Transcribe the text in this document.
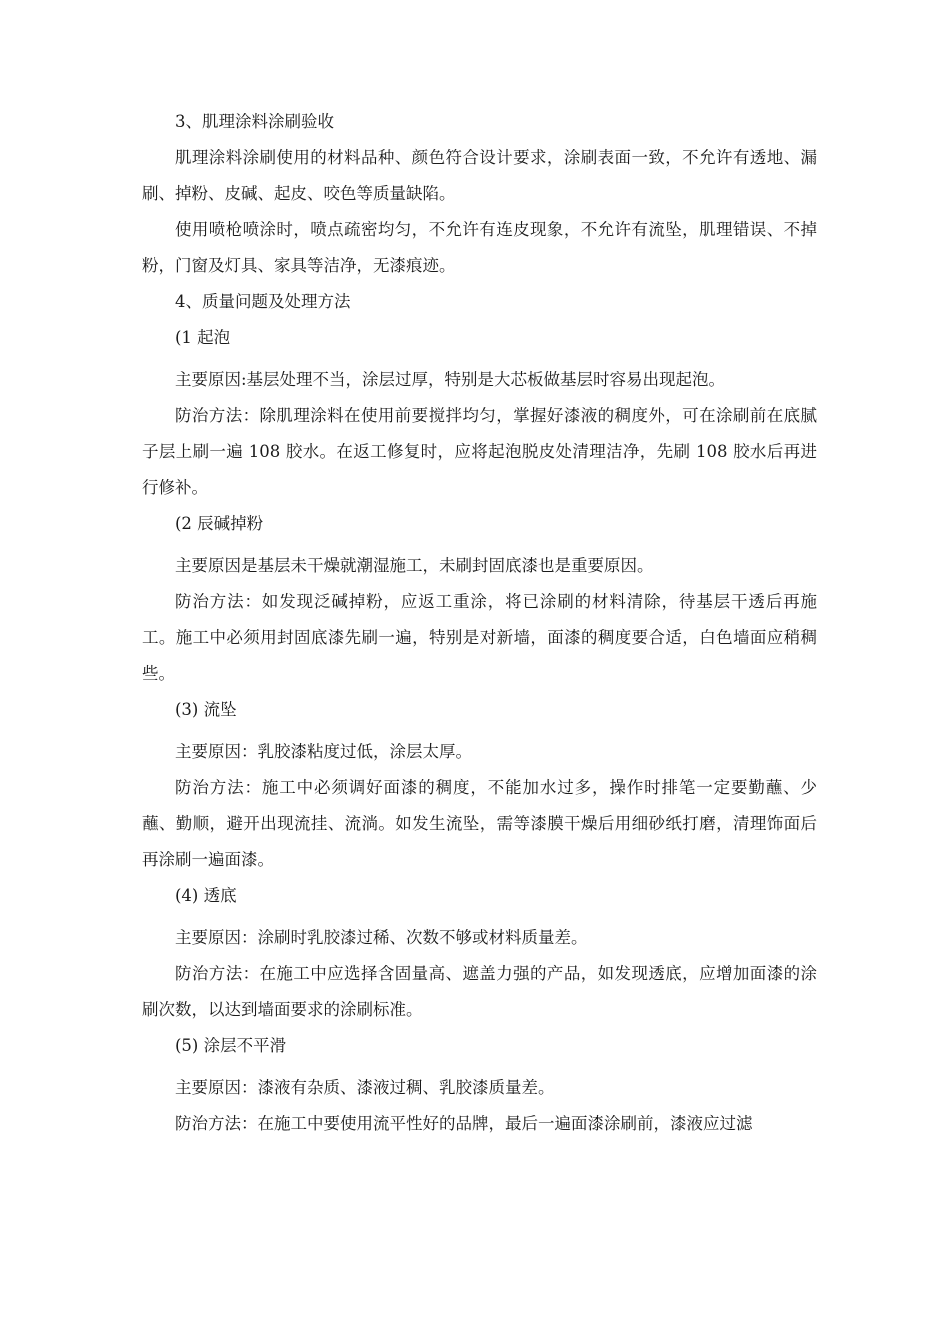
3、肌理涂料涂刷验收

肌理涂料涂刷使用的材料品种、颜色符合设计要求，涂刷表面一致，不允许有透地、漏刷、掉粉、皮碱、起皮、咬色等质量缺陷。

使用喷枪喷涂时，喷点疏密均匀，不允许有连皮现象，不允许有流坠，肌理错误、不掉粉，门窗及灯具、家具等洁净，无漆痕迹。

4、质量问题及处理方法

(1 起泡

主要原因:基层处理不当，涂层过厚，特别是大芯板做基层时容易出现起泡。

防治方法：除肌理涂料在使用前要搅拌均匀，掌握好漆液的稠度外，可在涂刷前在底腻子层上刷一遍 108 胶水。在返工修复时，应将起泡脱皮处清理洁净，先刷 108 胶水后再进行修补。

(2 辰碱掉粉

主要原因是基层未干燥就潮湿施工，未刷封固底漆也是重要原因。

防治方法：如发现泛碱掉粉，应返工重涂，将已涂刷的材料清除，待基层干透后再施工。施工中必须用封固底漆先刷一遍，特别是对新墙，面漆的稠度要合适，白色墙面应稍稠些。

(3) 流坠

主要原因：乳胶漆粘度过低，涂层太厚。

防治方法：施工中必须调好面漆的稠度，不能加水过多，操作时排笔一定要勤蘸、少蘸、勤顺，避开出现流挂、流淌。如发生流坠，需等漆膜干燥后用细砂纸打磨，清理饰面后再涂刷一遍面漆。

(4) 透底

主要原因：涂刷时乳胶漆过稀、次数不够或材料质量差。

防治方法：在施工中应选择含固量高、遮盖力强的产品，如发现透底，应增加面漆的涂刷次数，以达到墙面要求的涂刷标准。

(5) 涂层不平滑

主要原因：漆液有杂质、漆液过稠、乳胶漆质量差。

防治方法：在施工中要使用流平性好的品牌，最后一遍面漆涂刷前，漆液应过滤
